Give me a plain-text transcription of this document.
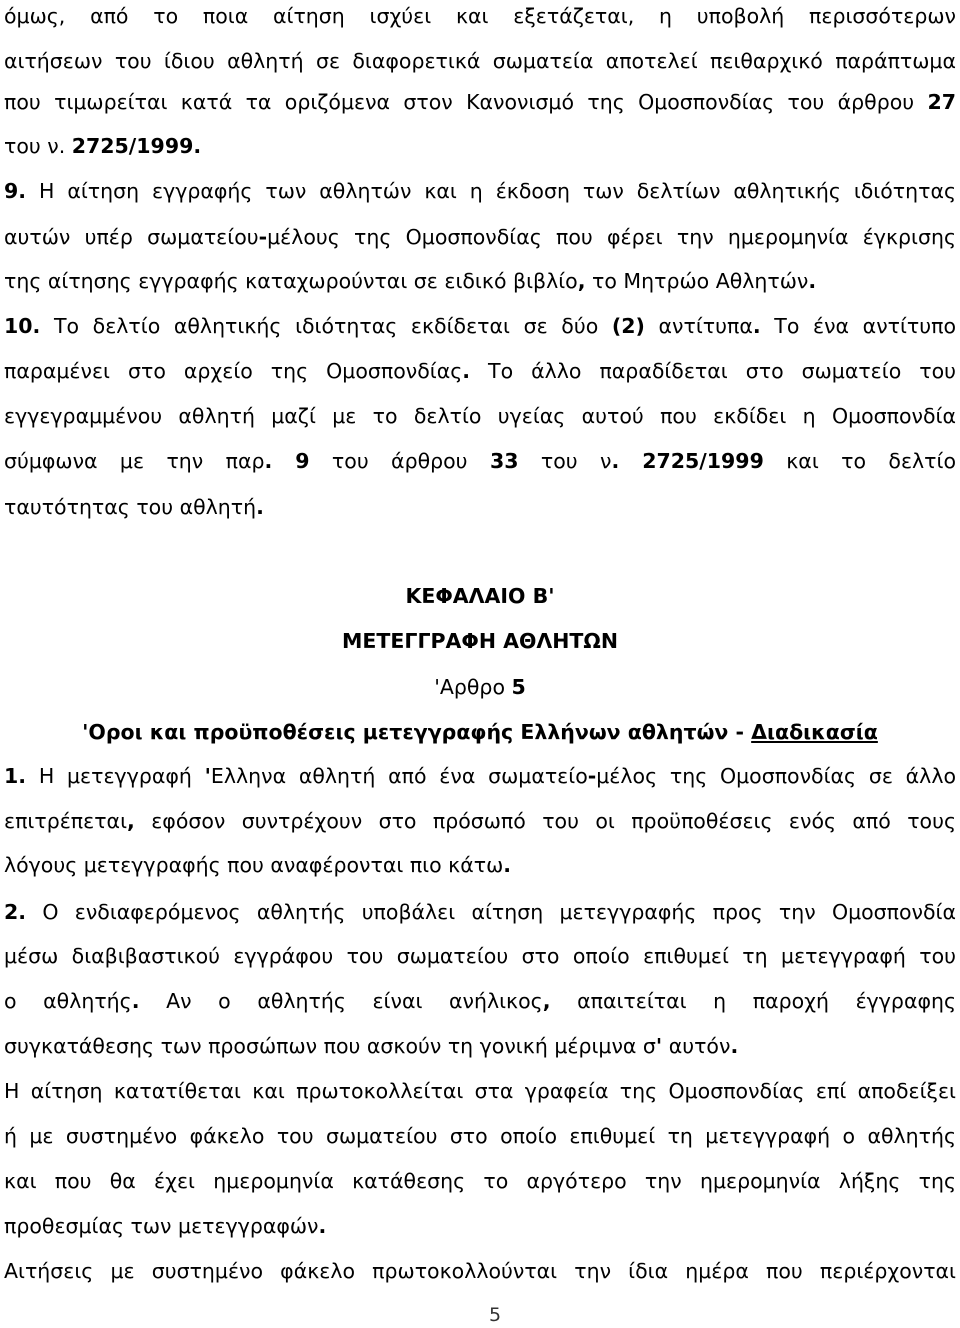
όμως, από το ποια αίτηση ισχύει και εξετάζεται, η υποβολή περισσότερων
αιτήσεων του ίδιου αθλητή σε διαφορετικά σωματεία αποτελεί πειθαρχικό παράπτωμα
που τιμωρείται κατά τα οριζόμενα στον Κανονισμό της Ομοσπονδίας του άρθρου 27
του ν. 2725/1999.
9. Η αίτηση εγγραφής των αθλητών και η έκδοση των δελτίων αθλητικής ιδιότητας
αυτών υπέρ σωματείου-μέλους της Ομοσπονδίας που φέρει την ημερομηνία έγκρισης
της αίτησης εγγραφής καταχωρούνται σε ειδικό βιβλίο, το Μητρώο Αθλητών.
10. Το δελτίο αθλητικής ιδιότητας εκδίδεται σε δύο (2) αντίτυπα. Το ένα αντίτυπο
παραμένει στο αρχείο της Ομοσπονδίας. Το άλλο παραδίδεται στο σωματείο του
εγγεγραμμένου αθλητή μαζί με το δελτίο υγείας αυτού που εκδίδει η Ομοσπονδία
σύμφωνα με την παρ. 9 του άρθρου 33 του ν. 2725/1999 και το δελτίο
ταυτότητας του αθλητή.
ΚΕΦΑΛΑΙΟ Β'
ΜΕΤΕΓΓΡΑΦΗ ΑΘΛΗΤΩΝ
'Αρθρο 5
'Οροι και προϋποθέσεις μετεγγραφής Ελλήνων αθλητών - Διαδικασία
1. Η μετεγγραφή 'Ελληνα αθλητή από ένα σωματείο-μέλος της Ομοσπονδίας σε άλλο
επιτρέπεται, εφόσον συντρέχουν στο πρόσωπό του οι προϋποθέσεις ενός από τους
λόγους μετεγγραφής που αναφέρονται πιο κάτω.
2. Ο ενδιαφερόμενος αθλητής υποβάλει αίτηση μετεγγραφής προς την Ομοσπονδία
μέσω διαβιβαστικού εγγράφου του σωματείου στο οποίο επιθυμεί τη μετεγγραφή του
ο αθλητής. Αν ο αθλητής είναι ανήλικος, απαιτείται η παροχή έγγραφης
συγκατάθεσης των προσώπων που ασκούν τη γονική μέριμνα σ' αυτόν.
Η αίτηση κατατίθεται και πρωτοκολλείται στα γραφεία της Ομοσπονδίας επί αποδείξει
ή με συστημένο φάκελο του σωματείου στο οποίο επιθυμεί τη μετεγγραφή ο αθλητής
και που θα έχει ημερομηνία κατάθεσης το αργότερο την ημερομηνία λήξης της
προθεσμίας των μετεγγραφών.
Αιτήσεις με συστημένο φάκελο πρωτοκολλούνται την ίδια ημέρα που περιέρχονται
5
